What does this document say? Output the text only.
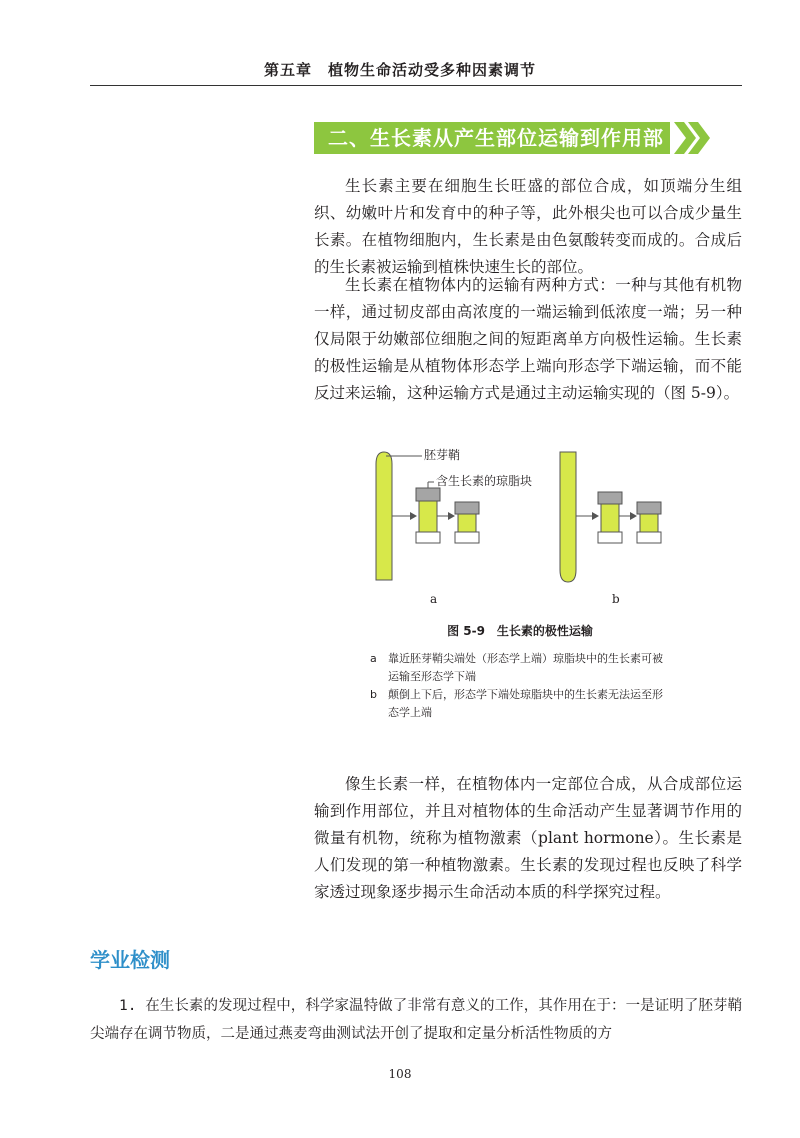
第五章　植物生命活动受多种因素调节
二、生长素从产生部位运输到作用部位

生长素主要在细胞生长旺盛的部位合成，如顶端分生组织、幼嫩叶片和发育中的种子等，此外根尖也可以合成少量生长素。在植物细胞内，生长素是由色氨酸转变而成的。合成后的生长素被运输到植株快速生长的部位。

生长素在植物体内的运输有两种方式：一种与其他有机物一样，通过韧皮部由高浓度的一端运输到低浓度一端；另一种仅局限于幼嫩部位细胞之间的短距离单方向极性运输。生长素的极性运输是从植物体形态学上端向形态学下端运输，而不能反过来运输，这种运输方式是通过主动运输实现的（图 5-9）。

胚芽鞘
含生长素的琼脂块
a	b
图 5-9　生长素的极性运输
a	靠近胚芽鞘尖端处（形态学上端）琼脂块中的生长素可被运输至形态学下端
b	颠倒上下后，形态学下端处琼脂块中的生长素无法运至形态学上端

像生长素一样，在植物体内一定部位合成，从合成部位运输到作用部位，并且对植物体的生命活动产生显著调节作用的微量有机物，统称为植物激素（plant hormone）。生长素是人们发现的第一种植物激素。生长素的发现过程也反映了科学家透过现象逐步揭示生命活动本质的科学探究过程。

学业检测

1. 在生长素的发现过程中，科学家温特做了非常有意义的工作，其作用在于：一是证明了胚芽鞘尖端存在调节物质，二是通过燕麦弯曲测试法开创了提取和定量分析活性物质的方

108
